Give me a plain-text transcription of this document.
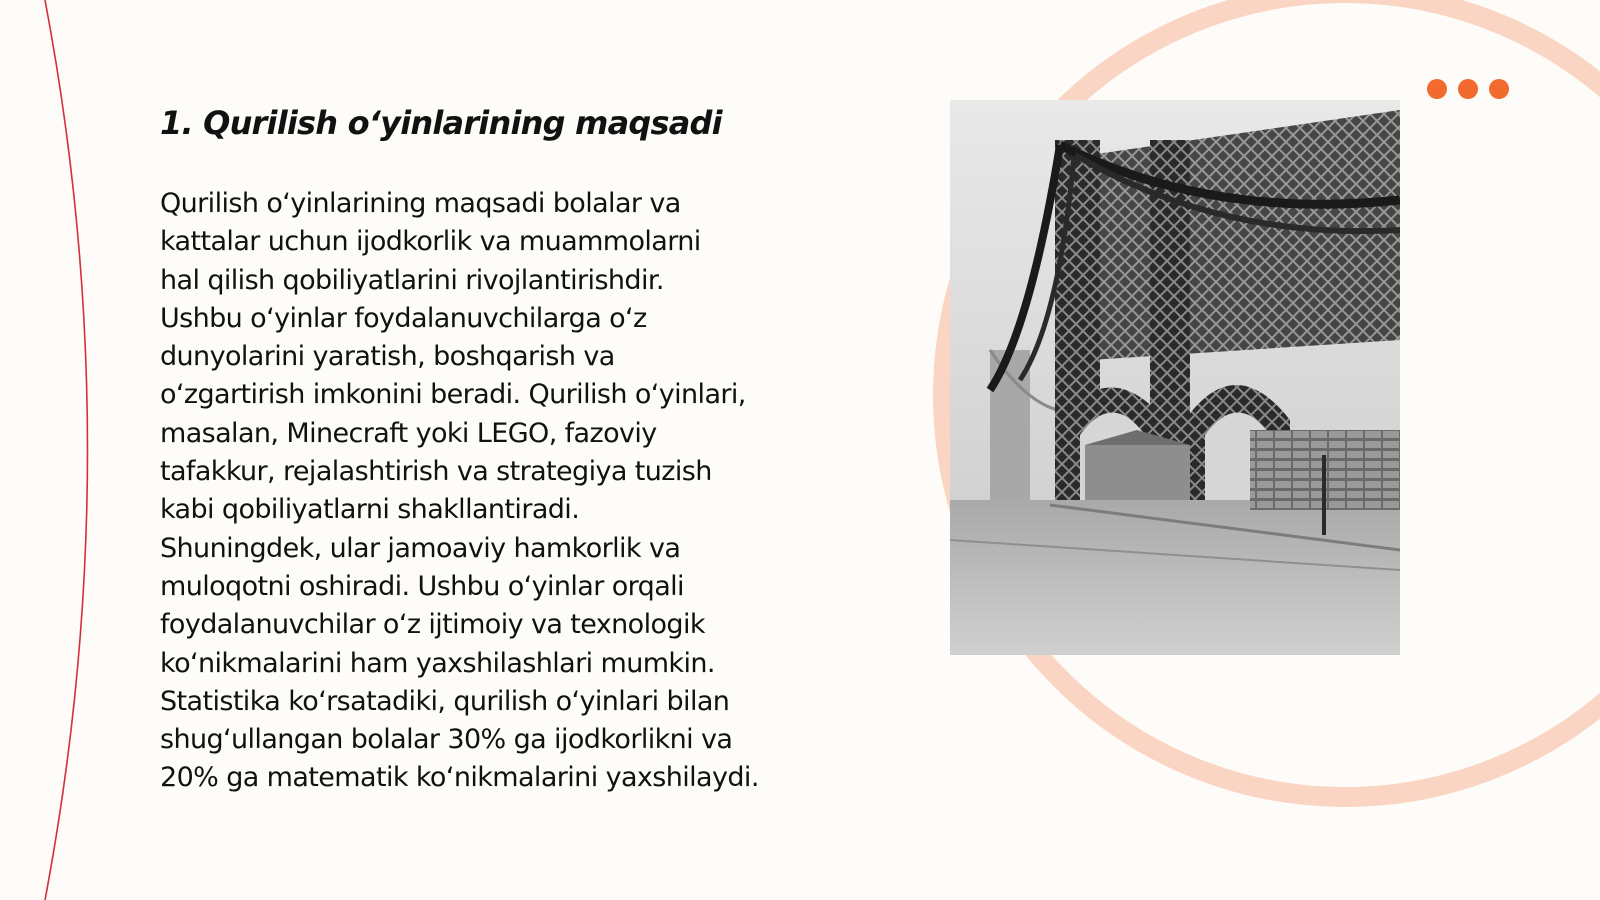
1. Qurilish o‘yinlarining maqsadi

Qurilish o‘yinlarining maqsadi bolalar va
kattalar uchun ijodkorlik va muammolarni
hal qilish qobiliyatlarini rivojlantirishdir.
Ushbu o‘yinlar foydalanuvchilarga o‘z
dunyolarini yaratish, boshqarish va
o‘zgartirish imkonini beradi. Qurilish o‘yinlari,
masalan, Minecraft yoki LEGO, fazoviy
tafakkur, rejalashtirish va strategiya tuzish
kabi qobiliyatlarni shakllantiradi.
Shuningdek, ular jamoaviy hamkorlik va
muloqotni oshiradi. Ushbu o‘yinlar orqali
foydalanuvchilar o‘z ijtimoiy va texnologik
ko‘nikmalarini ham yaxshilashlari mumkin.
Statistika ko‘rsatadiki, qurilish o‘yinlari bilan
shug‘ullangan bolalar 30% ga ijodkorlikni va
20% ga matematik ko‘nikmalarini yaxshilaydi.
